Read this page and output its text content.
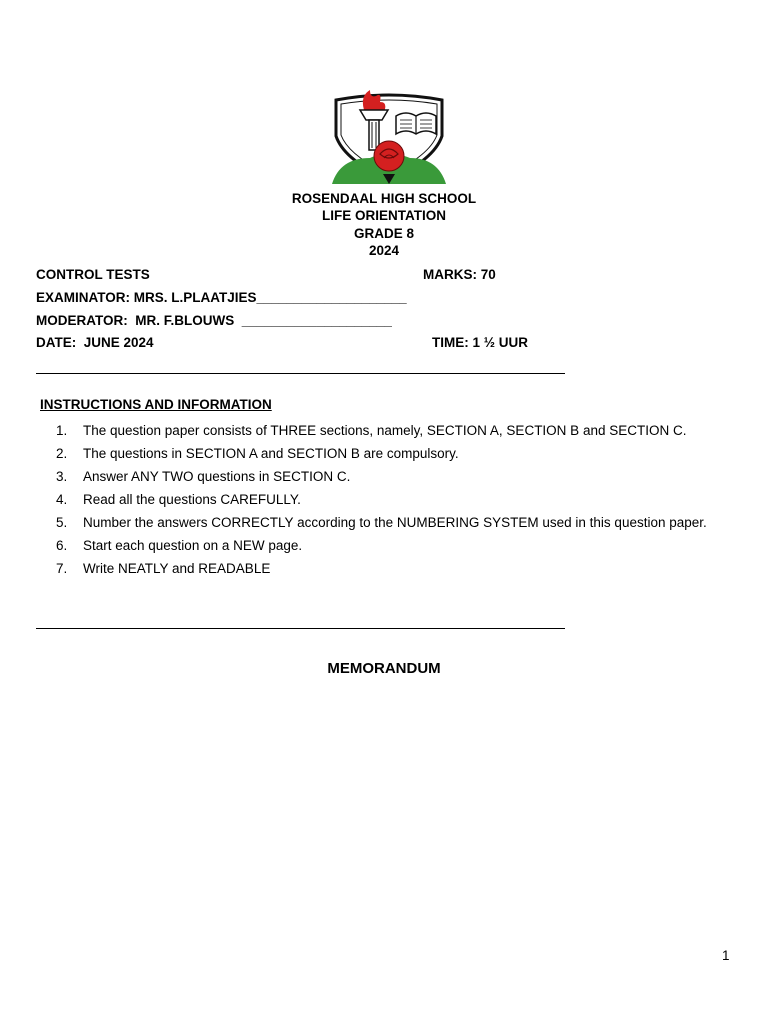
ROSENDAAL HIGH SCHOOL
LIFE ORIENTATION
GRADE 8
2024
CONTROL TESTS	MARKS: 70
EXAMINATOR: MRS. L.PLAATJIES____________________
MODERATOR:  MR. F.BLOUWS  ____________________
DATE:  JUNE 2024	TIME: 1 ½ UUR
INSTRUCTIONS AND INFORMATION
1.	The question paper consists of THREE sections, namely, SECTION A, SECTION B and SECTION C.
2.	The questions in SECTION A and SECTION B are compulsory.
3.	Answer ANY TWO questions in SECTION C.
4.	Read all the questions CAREFULLY.
5.	Number the answers CORRECTLY according to the NUMBERING SYSTEM used in this question paper.
6.	Start each question on a NEW page.
7.	Write NEATLY and READABLE
MEMORANDUM
1
